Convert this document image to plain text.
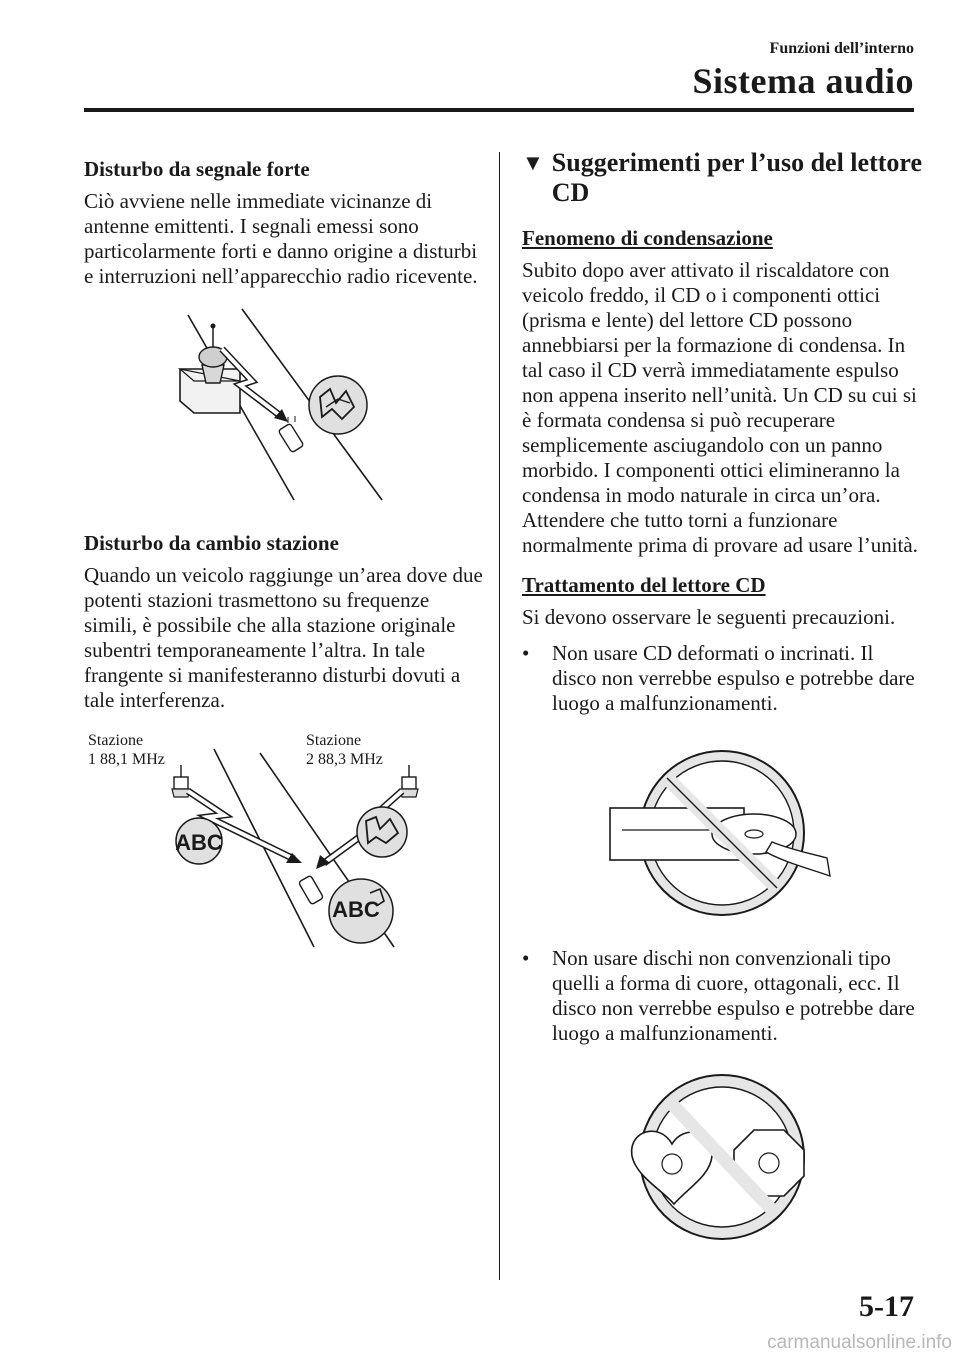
Funzioni dell’interno
Sistema audio

Disturbo da segnale forte

Ciò avviene nelle immediate vicinanze di antenne emittenti. I segnali emessi sono particolarmente forti e danno origine a disturbi e interruzioni nell’apparecchio radio ricevente.

Disturbo da cambio stazione

Quando un veicolo raggiunge un’area dove due potenti stazioni trasmettono su frequenze simili, è possibile che alla stazione originale subentri temporaneamente l’altra. In tale frangente si manifesteranno disturbi dovuti a tale interferenza.

Stazione
1 88,1 MHz
Stazione
2 88,3 MHz
ABC
ABC
▼ Suggerimenti per l’uso del lettore CD

Fenomeno di condensazione

Subito dopo aver attivato il riscaldatore con veicolo freddo, il CD o i componenti ottici (prisma e lente) del lettore CD possono annebbiarsi per la formazione di condensa. In tal caso il CD verrà immediatamente espulso non appena inserito nell’unità. Un CD su cui si è formata condensa si può recuperare semplicemente asciugandolo con un panno morbido. I componenti ottici elimineranno la condensa in modo naturale in circa un’ora. Attendere che tutto torni a funzionare normalmente prima di provare ad usare l’unità.

Trattamento del lettore CD

Si devono osservare le seguenti precauzioni.

•	Non usare CD deformati o incrinati. Il disco non verrebbe espulso e potrebbe dare luogo a malfunzionamenti.
•	Non usare dischi non convenzionali tipo quelli a forma di cuore, ottagonali, ecc. Il disco non verrebbe espulso e potrebbe dare luogo a malfunzionamenti.
5-17
carmanualsonline.info
